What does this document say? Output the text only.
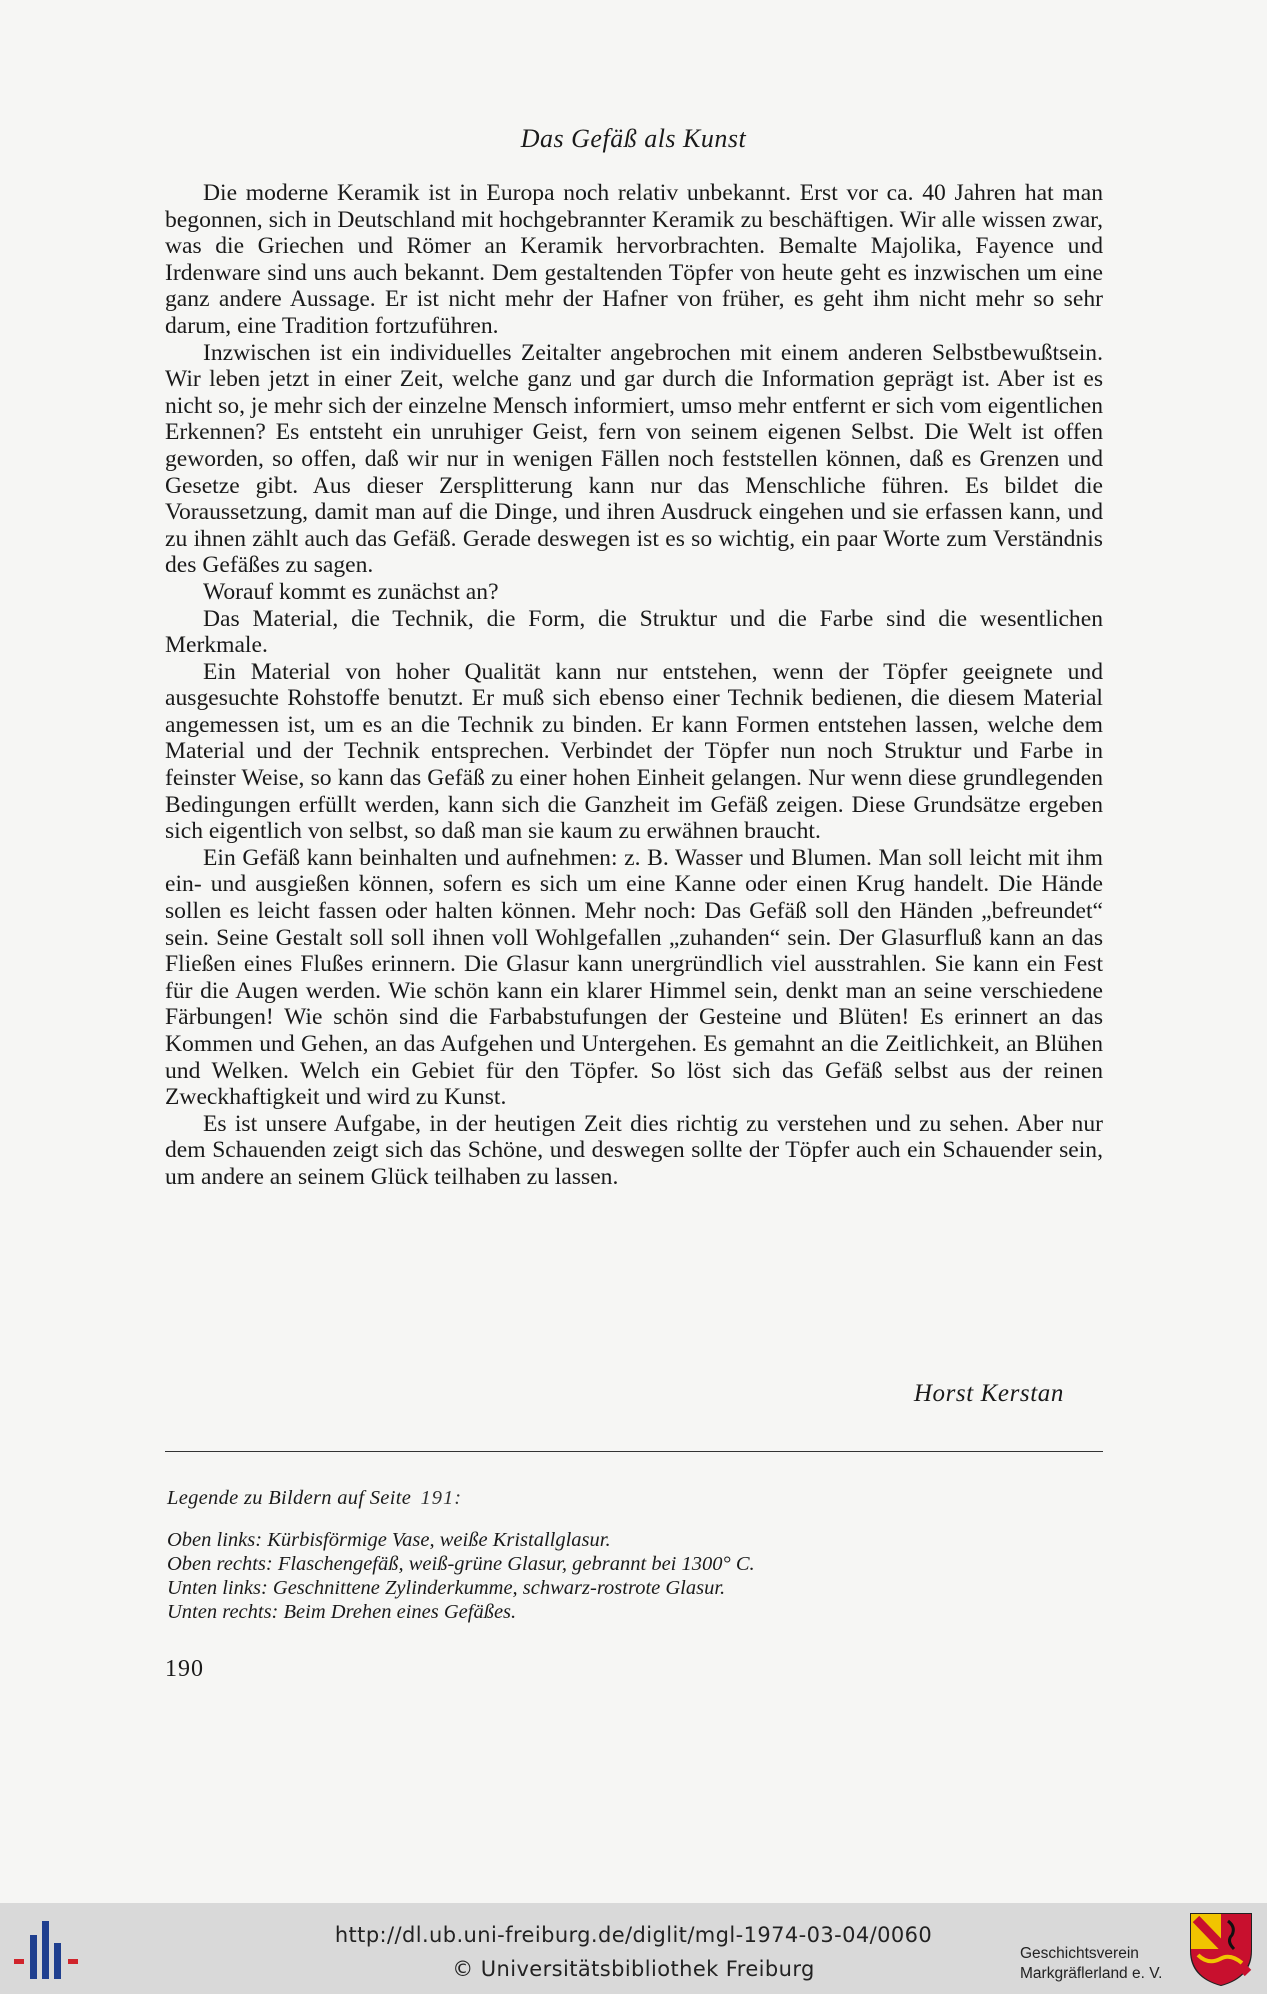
Das Gefäß als Kunst

Die moderne Keramik ist in Europa noch relativ unbekannt. Erst vor ca. 40 Jahren hat man begonnen, sich in Deutschland mit hochgebrannter Keramik zu beschäftigen. Wir alle wissen zwar, was die Griechen und Römer an Keramik hervorbrachten. Bemalte Majolika, Fayence und Irdenware sind uns auch bekannt. Dem gestaltenden Töpfer von heute geht es inzwischen um eine ganz andere Aussage. Er ist nicht mehr der Hafner von früher, es geht ihm nicht mehr so sehr darum, eine Tradition fortzuführen.

Inzwischen ist ein individuelles Zeitalter angebrochen mit einem anderen Selbstbewußtsein. Wir leben jetzt in einer Zeit, welche ganz und gar durch die Information geprägt ist. Aber ist es nicht so, je mehr sich der einzelne Mensch informiert, umso mehr entfernt er sich vom eigentlichen Erkennen? Es entsteht ein unruhiger Geist, fern von seinem eigenen Selbst. Die Welt ist offen geworden, so offen, daß wir nur in wenigen Fällen noch feststellen können, daß es Grenzen und Gesetze gibt. Aus dieser Zersplitterung kann nur das Menschliche führen. Es bildet die Voraussetzung, damit man auf die Dinge, und ihren Ausdruck eingehen und sie erfassen kann, und zu ihnen zählt auch das Gefäß. Gerade deswegen ist es so wichtig, ein paar Worte zum Verständnis des Gefäßes zu sagen.

Worauf kommt es zunächst an?

Das Material, die Technik, die Form, die Struktur und die Farbe sind die wesentlichen Merkmale.

Ein Material von hoher Qualität kann nur entstehen, wenn der Töpfer geeignete und ausgesuchte Rohstoffe benutzt. Er muß sich ebenso einer Technik bedienen, die diesem Material angemessen ist, um es an die Technik zu binden. Er kann Formen entstehen lassen, welche dem Material und der Technik entsprechen. Verbindet der Töpfer nun noch Struktur und Farbe in feinster Weise, so kann das Gefäß zu einer hohen Einheit gelangen. Nur wenn diese grundlegenden Bedingungen erfüllt werden, kann sich die Ganzheit im Gefäß zeigen. Diese Grundsätze ergeben sich eigentlich von selbst, so daß man sie kaum zu erwähnen braucht.

Ein Gefäß kann beinhalten und aufnehmen: z. B. Wasser und Blumen. Man soll leicht mit ihm ein- und ausgießen können, sofern es sich um eine Kanne oder einen Krug handelt. Die Hände sollen es leicht fassen oder halten können. Mehr noch: Das Gefäß soll den Händen „befreundet“ sein. Seine Gestalt soll soll ihnen voll Wohlgefallen „zuhanden“ sein. Der Glasurfluß kann an das Fließen eines Flußes erinnern. Die Glasur kann unergründlich viel ausstrahlen. Sie kann ein Fest für die Augen werden. Wie schön kann ein klarer Himmel sein, denkt man an seine verschiedene Färbungen! Wie schön sind die Farbabstufungen der Gesteine und Blüten! Es erinnert an das Kommen und Gehen, an das Aufgehen und Untergehen. Es gemahnt an die Zeitlichkeit, an Blühen und Welken. Welch ein Gebiet für den Töpfer. So löst sich das Gefäß selbst aus der reinen Zweckhaftigkeit und wird zu Kunst.

Es ist unsere Aufgabe, in der heutigen Zeit dies richtig zu verstehen und zu sehen. Aber nur dem Schauenden zeigt sich das Schöne, und deswegen sollte der Töpfer auch ein Schauender sein, um andere an seinem Glück teilhaben zu lassen.

Horst Kerstan

Legende zu Bildern auf Seite 191:

Oben links: Kürbisförmige Vase, weiße Kristallglasur.

Oben rechts: Flaschengefäß, weiß-grüne Glasur, gebrannt bei 1300° C.

Unten links: Geschnittene Zylinderkumme, schwarz-rostrote Glasur.

Unten rechts: Beim Drehen eines Gefäßes.

190
http://dl.ub.uni-freiburg.de/diglit/mgl-1974-03-04/0060
© Universitätsbibliothek Freiburg
Geschichtsverein
Markgräflerland e. V.
